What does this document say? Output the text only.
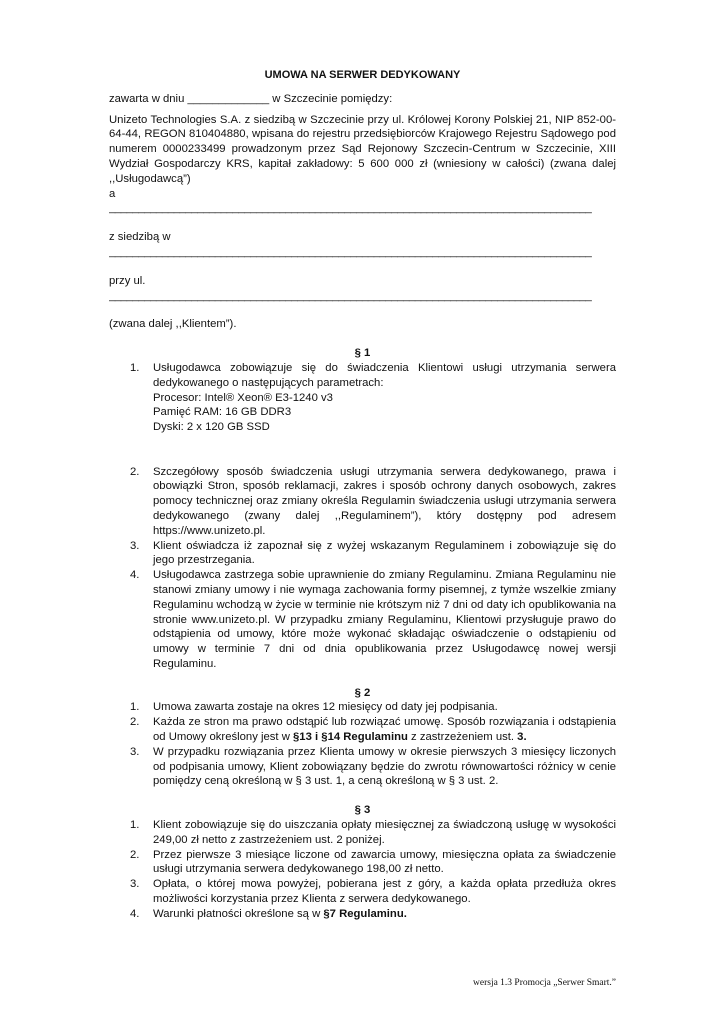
UMOWA NA SERWER DEDYKOWANY

zawarta w dniu _____________ w Szczecinie pomiędzy:

Unizeto Technologies S.A. z siedzibą w Szczecinie przy ul. Królowej Korony Polskiej 21, NIP 852-00-64-44, REGON 810404880, wpisana do rejestru przedsiębiorców Krajowego Rejestru Sądowego pod numerem 0000233499 prowadzonym przez Sąd Rejonowy Szczecin-Centrum w Szczecinie, XIII Wydział Gospodarczy KRS, kapitał zakładowy: 5 600 000 zł (wniesiony w całości) (zwana dalej ,,Usługodawcą”)

a

__________________________________________________________________________________

z siedzibą w

__________________________________________________________________________________

przy ul.

__________________________________________________________________________________

(zwana dalej ,,Klientem”).

§ 1

1. Usługodawca zobowiązuje się do świadczenia Klientowi usługi utrzymania serwera dedykowanego o następujących parametrach:
Procesor: Intel® Xeon® E3-1240 v3
Pamięć RAM: 16 GB DDR3
Dyski: 2 x 120 GB SSD

2. Szczegółowy sposób świadczenia usługi utrzymania serwera dedykowanego, prawa i obowiązki Stron, sposób reklamacji, zakres i sposób ochrony danych osobowych, zakres pomocy technicznej oraz zmiany określa Regulamin świadczenia usługi utrzymania serwera dedykowanego (zwany dalej ,,Regulaminem”), który dostępny pod adresem https://www.unizeto.pl.
3. Klient oświadcza iż zapoznał się z wyżej wskazanym Regulaminem i zobowiązuje się do jego przestrzegania.
4. Usługodawca zastrzega sobie uprawnienie do zmiany Regulaminu. Zmiana Regulaminu nie stanowi zmiany umowy i nie wymaga zachowania formy pisemnej, z tymże wszelkie zmiany Regulaminu wchodzą w życie w terminie nie krótszym niż 7 dni od daty ich opublikowania na stronie www.unizeto.pl. W przypadku zmiany Regulaminu, Klientowi przysługuje prawo do odstąpienia od umowy, które może wykonać składając oświadczenie o odstąpieniu od umowy w terminie 7 dni od dnia opublikowania przez Usługodawcę nowej wersji Regulaminu.

§ 2

1. Umowa zawarta zostaje na okres 12 miesięcy od daty jej podpisania.
2. Każda ze stron ma prawo odstąpić lub rozwiązać umowę. Sposób rozwiązania i odstąpienia od Umowy określony jest w §13 i §14 Regulaminu z zastrzeżeniem ust. 3.
3. W przypadku rozwiązania przez Klienta umowy w okresie pierwszych 3 miesięcy liczonych od podpisania umowy, Klient zobowiązany będzie do zwrotu równowartości różnicy w cenie pomiędzy ceną określoną w § 3 ust. 1, a ceną określoną w § 3 ust. 2.

§ 3

1. Klient zobowiązuje się do uiszczania opłaty miesięcznej za świadczoną usługę w wysokości 249,00 zł netto z zastrzeżeniem ust. 2 poniżej.
2. Przez pierwsze 3 miesiące liczone od zawarcia umowy, miesięczna opłata za świadczenie usługi utrzymania serwera dedykowanego 198,00 zł netto.
3. Opłata, o której mowa powyżej, pobierana jest z góry, a każda opłata przedłuża okres możliwości korzystania przez Klienta z serwera dedykowanego.
4. Warunki płatności określone są w §7 Regulaminu.
wersja 1.3 Promocja „Serwer Smart.”
